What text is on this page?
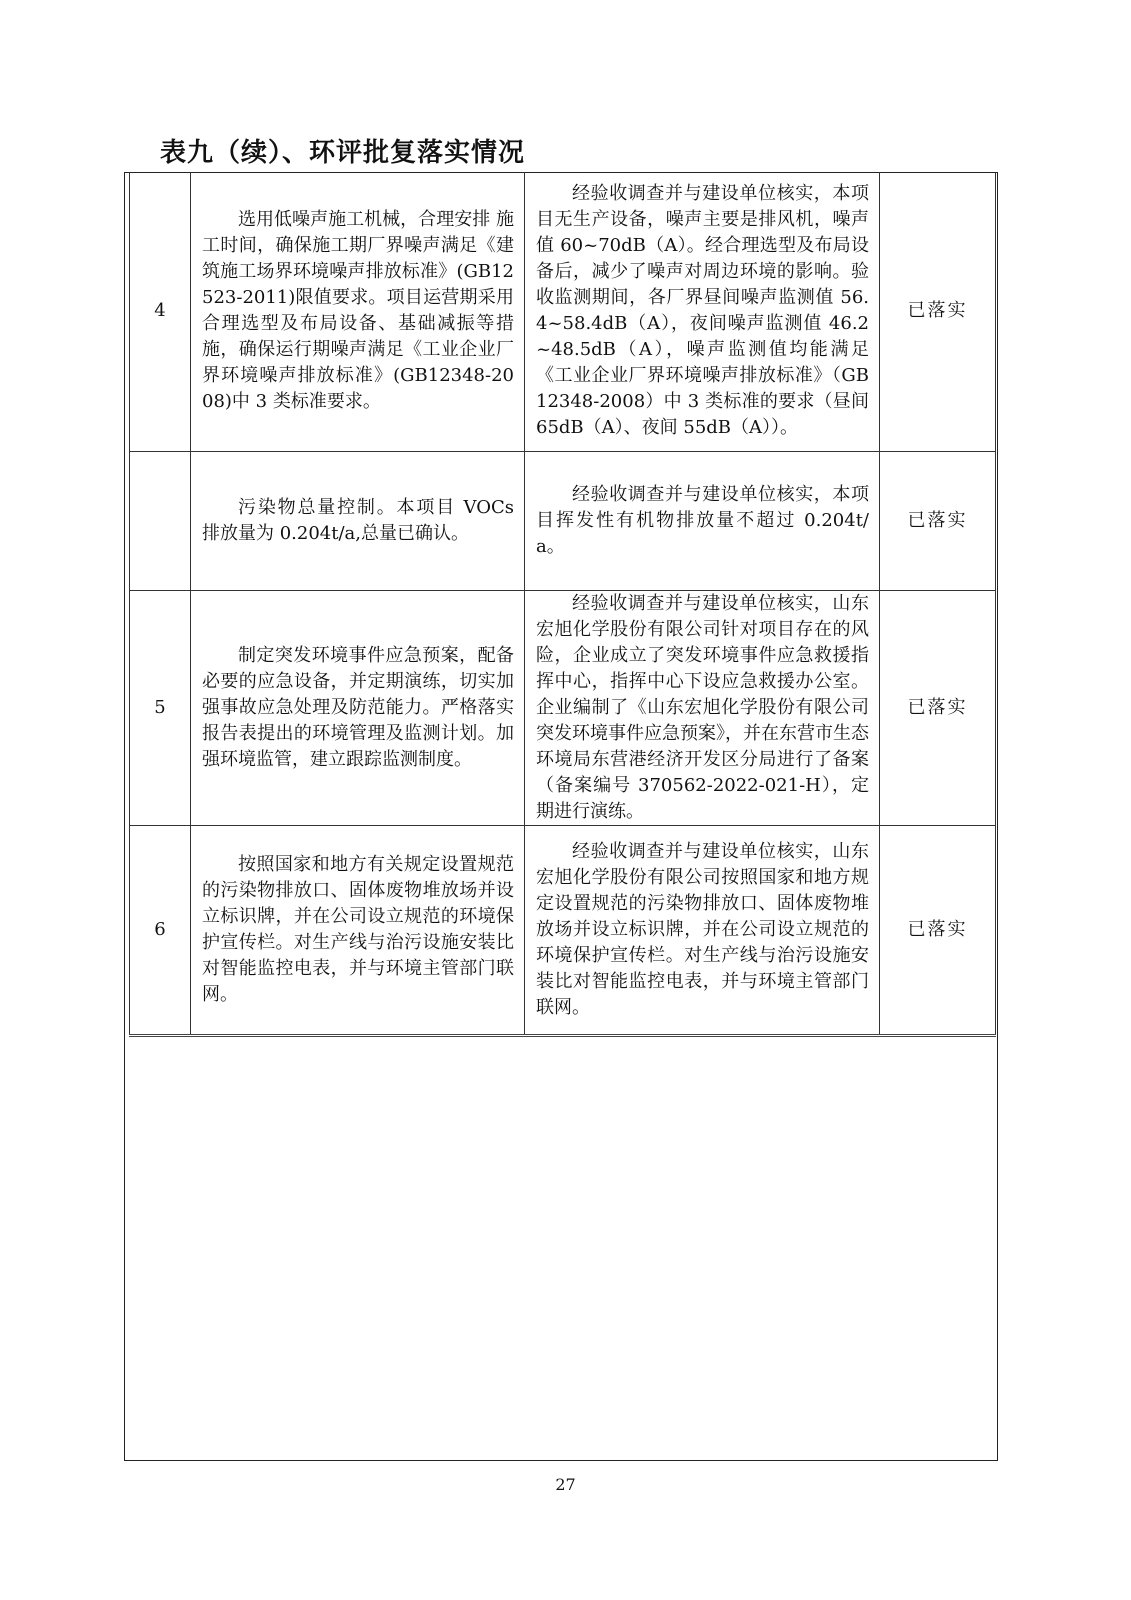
表九（续）、环评批复落实情况
4	选用低噪声施工机械，合理安排 施工时间，确保施工期厂界噪声满足《建筑施工场界环境噪声排放标准》(GB12523-2011)限值要求。项目运营期采用 合理选型及布局设备、基础减振等措施，确保运行期噪声满足《工业企业厂界环境噪声排放标准》(GB12348-2008)中 3 类标准要求。	经验收调查并与建设单位核实，本项目无生产设备，噪声主要是排风机，噪声值 60~70dB（A）。经合理选型及布局设备后，减少了噪声对周边环境的影响。验收监测期间，各厂界昼间噪声监测值 56.4~58.4dB（A），夜间噪声监测值 46.2~48.5dB（A），噪声监测值均能满足《工业企业厂界环境噪声排放标准》（GB12348-2008）中 3 类标准的要求（昼间 65dB（A）、夜间 55dB（A））。	已落实

	污染物总量控制。本项目 VOCs 排放量为 0.204t/a,总量已确认。	经验收调查并与建设单位核实，本项目挥发性有机物排放量不超过 0.204t/a。	已落实
5	制定突发环境事件应急预案，配备必要的应急设备，并定期演练，切实加强事故应急处理及防范能力。严格落实报告表提出的环境管理及监测计划。加强环境监管，建立跟踪监测制度。	经验收调查并与建设单位核实，山东宏旭化学股份有限公司针对项目存在的风险，企业成立了突发环境事件应急救援指挥中心，指挥中心下设应急救援办公室。企业编制了《山东宏旭化学股份有限公司突发环境事件应急预案》，并在东营市生态环境局东营港经济开发区分局进行了备案（备案编号 370562-2022-021-H），定期进行演练。	已落实
6	按照国家和地方有关规定设置规范的污染物排放口、固体废物堆放场并设立标识牌，并在公司设立规范的环境保护宣传栏。对生产线与治污设施安装比对智能监控电表，并与环境主管部门联网。	经验收调查并与建设单位核实，山东宏旭化学股份有限公司按照国家和地方规定设置规范的污染物排放口、固体废物堆放场并设立标识牌，并在公司设立规范的环境保护宣传栏。对生产线与治污设施安装比对智能监控电表，并与环境主管部门联网。	已落实
27
